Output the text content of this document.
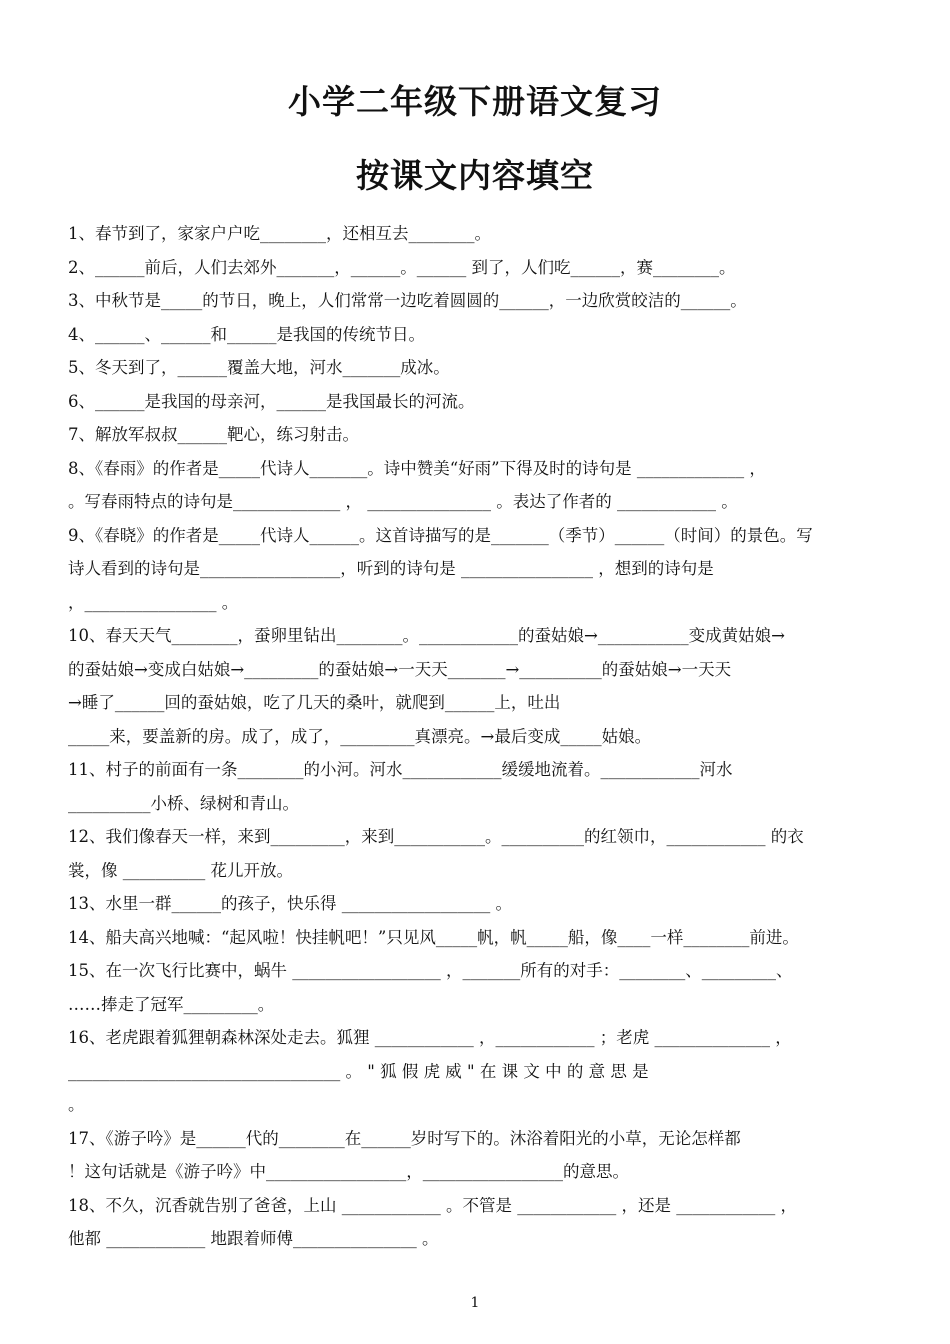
小学二年级下册语文复习
按课文内容填空
1、春节到了，家家户户吃________，还相互去________。
2、______前后，人们去郊外_______，______。______ 到了，人们吃______，赛________。
3、中秋节是_____的节日，晚上，人们常常一边吃着圆圆的______，一边欣赏皎洁的______。
4、______、______和______是我国的传统节日。
5、冬天到了，______覆盖大地，河水_______成冰。
6、______是我国的母亲河，______是我国最长的河流。
7、解放军叔叔______靶心，练习射击。
8、《春雨》的作者是_____代诗人_______。诗中赞美“好雨”下得及时的诗句是 _____________ ，
。写春雨特点的诗句是_____________ ， _______________ 。表达了作者的 ____________ 。
9、《春晓》的作者是_____代诗人______。这首诗描写的是_______（季节）______（时间）的景色。写
诗人看到的诗句是_________________，听到的诗句是 ________________ ，想到的诗句是
，________________ 。
10、春天天气________，蚕卵里钻出________。____________的蚕姑娘→___________变成黄姑娘→
的蚕姑娘→变成白姑娘→_________的蚕姑娘→一天天_______→__________的蚕姑娘→一天天
→睡了______回的蚕姑娘，吃了几天的桑叶，就爬到______上，吐出
_____来，要盖新的房。成了，成了，_________真漂亮。→最后变成_____姑娘。
11、村子的前面有一条________的小河。河水____________缓缓地流着。____________河水
__________小桥、绿树和青山。
12、我们像春天一样，来到_________，来到___________。__________的红领巾，____________ 的衣
裳，像 __________ 花儿开放。
13、水里一群______的孩子，快乐得 __________________ 。
14、船夫高兴地喊：“起风啦！快挂帆吧！”只见风_____帆，帆_____船，像____一样________前进。
15、在一次飞行比赛中，蜗牛 __________________ ，_______所有的对手：________、_________、
……捧走了冠军_________。
16、老虎跟着狐狸朝森林深处走去。狐狸 ____________ ，____________ ；老虎 ______________ ，
_________________________________ 。 " 狐 假 虎 威 " 在 课 文 中 的 意 思 是
。
17、《游子吟》是______代的________在______岁时写下的。沐浴着阳光的小草，无论怎样都
！这句话就是《游子吟》中_________________，_________________的意思。
18、不久，沉香就告别了爸爸，上山 ____________ 。不管是 ____________ ，还是 ____________ ，
他都 ____________ 地跟着师傅_______________ 。
1
